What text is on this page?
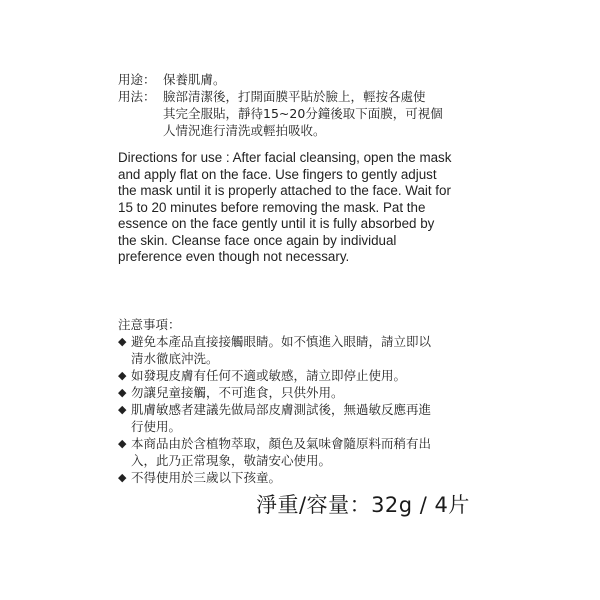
用途： 保養肌膚。
用法： 臉部清潔後，打開面膜平貼於臉上，輕按各處使
其完全服貼，靜待15~20分鐘後取下面膜，可視個
人情況進行清洗或輕拍吸收。
Directions for use : After facial cleansing, open the mask
and apply flat on the face. Use fingers to gently adjust
the mask until it is properly attached to the face. Wait for
15 to 20 minutes before removing the mask. Pat the
essence on the face gently until it is fully absorbed by
the skin. Cleanse face once again by individual
preference even though not necessary.
注意事項：
◆ 避免本產品直接接觸眼睛。如不慎進入眼睛，請立即以
清水徹底沖洗。
◆ 如發現皮膚有任何不適或敏感，請立即停止使用。
◆ 勿讓兒童接觸，不可進食，只供外用。
◆ 肌膚敏感者建議先做局部皮膚測試後，無過敏反應再進
行使用。
◆ 本商品由於含植物萃取，顏色及氣味會隨原料而稍有出
入，此乃正常現象，敬請安心使用。
◆ 不得使用於三歲以下孩童。
淨重/容量：32g / 4片
